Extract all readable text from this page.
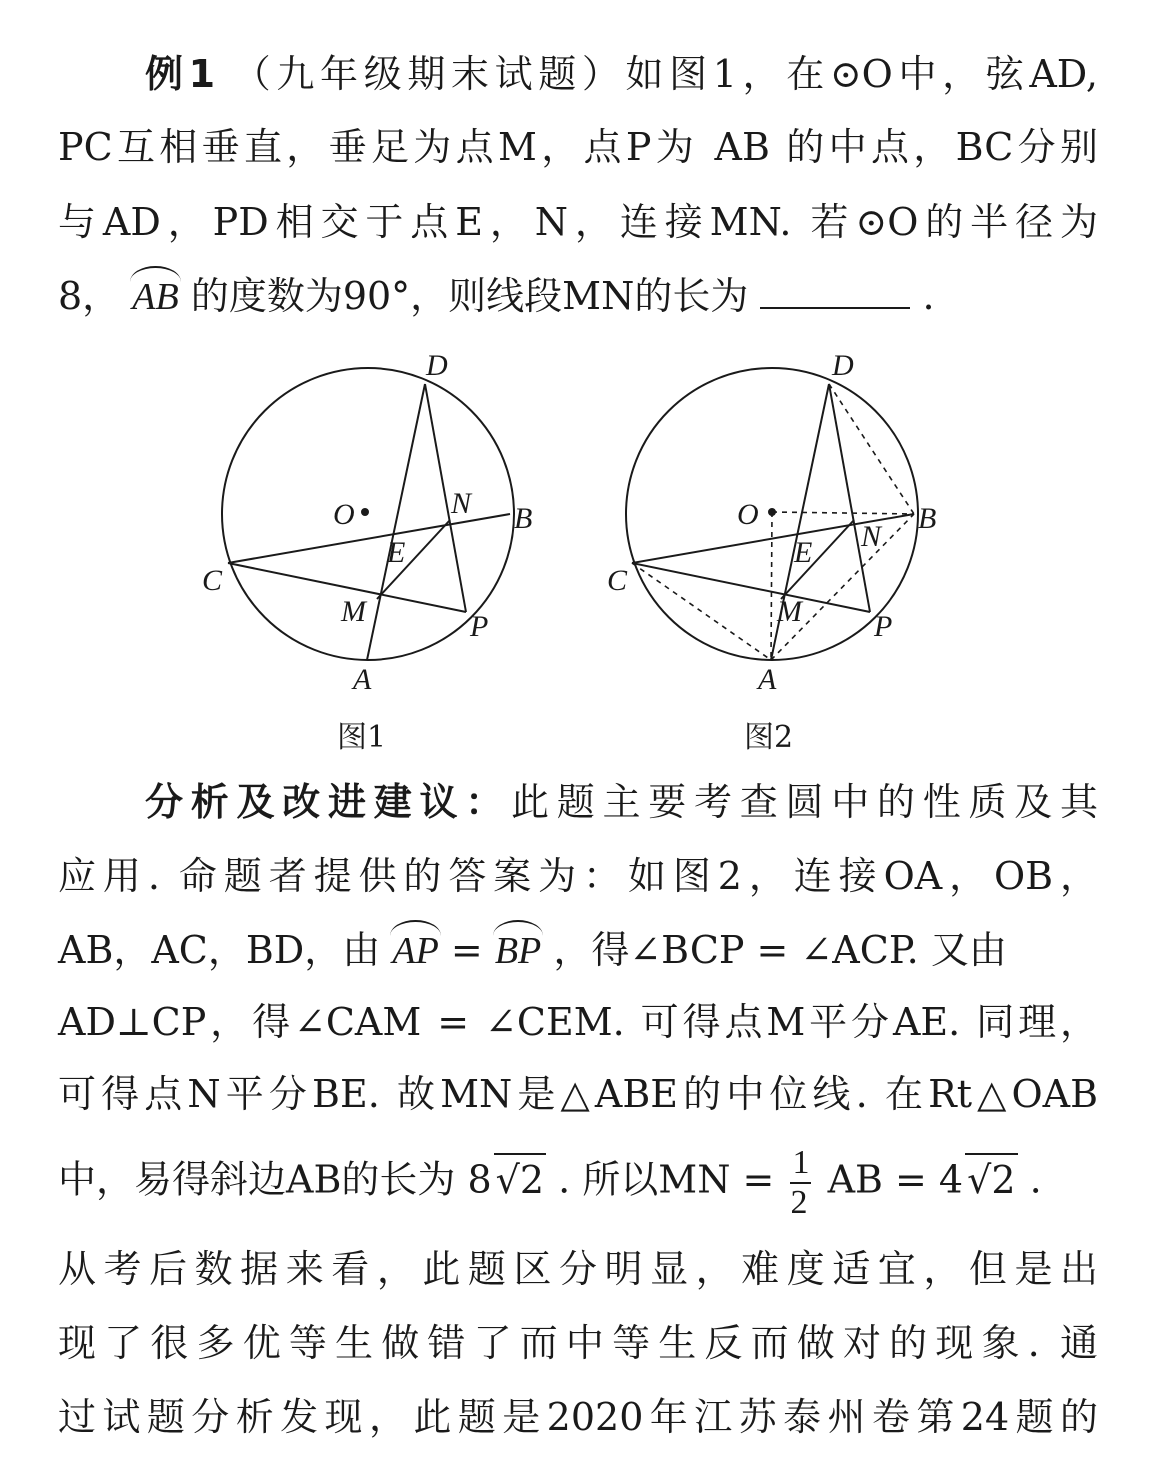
例1 （九年级期末试题）如图1，在⊙O中，弦AD,
PC互相垂直，垂足为点M，点P为 AB 的中点，BC分别
与AD，PD相交于点E，N，连接MN. 若⊙O的半径为
8， AB 的度数为90°，则线段MN的长为	.
D
O	N B
E
C
M	P
A
D
O
N
B
E
C
M P
A
图1	图2
分析及改进建议：此题主要考查圆中的性质及其
应用. 命题者提供的答案为：如图2，连接OA，OB，
AB，AC，BD，由 AP = BP ，得∠BCP = ∠ACP. 又由
AD⊥CP，得∠CAM = ∠CEM. 可得点M平分AE. 同理，
可得点N平分BE. 故MN是△ABE的中位线. 在Rt△OAB
中，易得斜边AB的长为 8 √2 . 所以MN = $\frac{1}{2}$ AB = 4 √2 .
从考后数据来看，此题区分明显，难度适宜，但是出
现了很多优等生做错了而中等生反而做对的现象. 通
过试题分析发现，此题是2020年江苏泰州卷第24题的
